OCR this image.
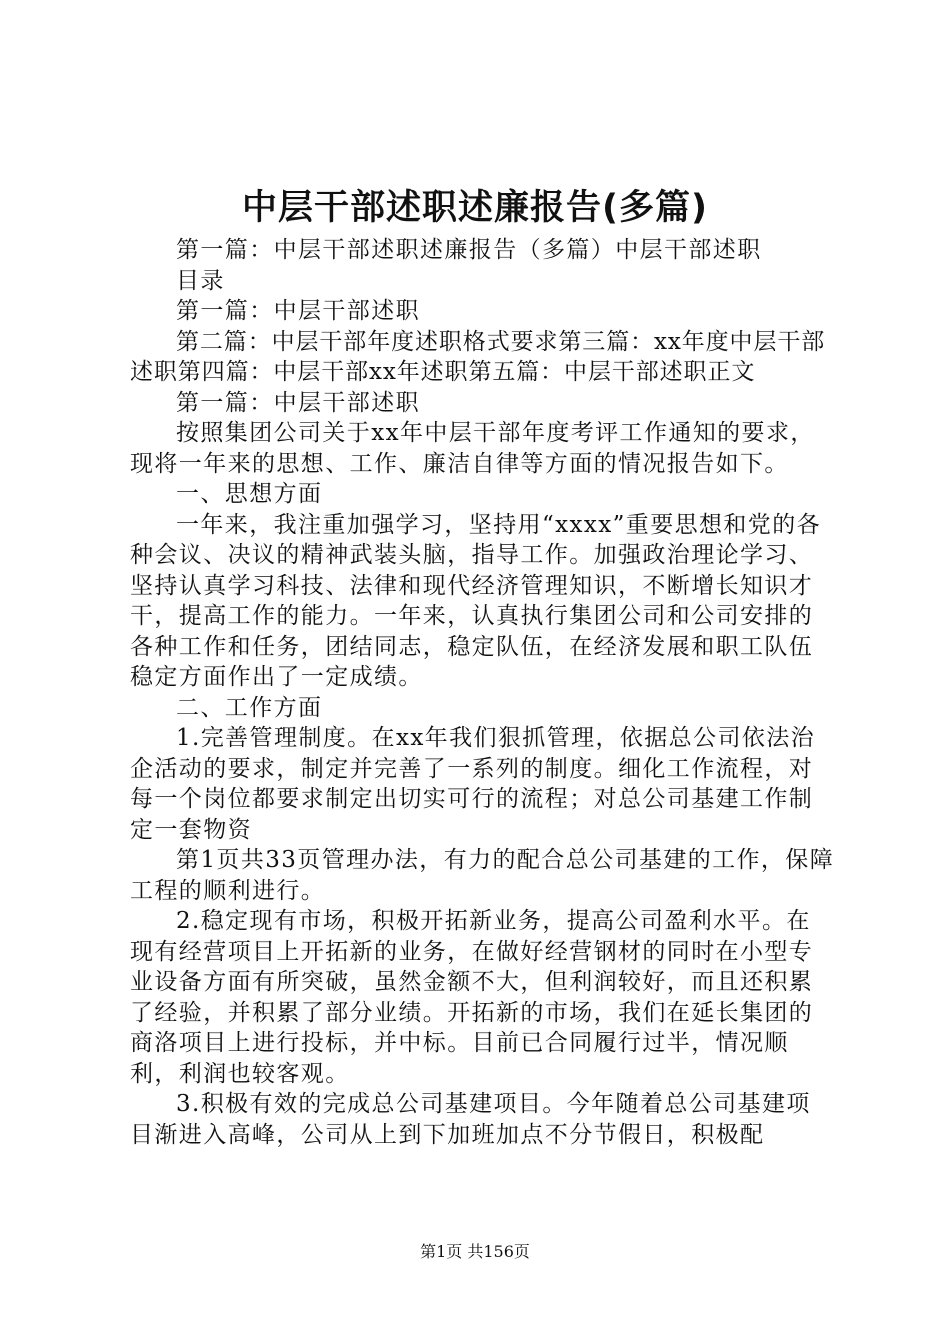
中层干部述职述廉报告(多篇)

第一篇：中层干部述职述廉报告（多篇）中层干部述职

目录

第一篇：中层干部述职

第二篇：中层干部年度述职格式要求第三篇：xx年度中层干部述职第四篇：中层干部xx年述职第五篇：中层干部述职正文

第一篇：中层干部述职

按照集团公司关于xx年中层干部年度考评工作通知的要求，现将一年来的思想、工作、廉洁自律等方面的情况报告如下。

一、思想方面

一年来，我注重加强学习，坚持用“xxxx”重要思想和党的各种会议、决议的精神武装头脑，指导工作。加强政治理论学习、坚持认真学习科技、法律和现代经济管理知识，不断增长知识才干，提高工作的能力。一年来，认真执行集团公司和公司安排的各种工作和任务，团结同志，稳定队伍，在经济发展和职工队伍稳定方面作出了一定成绩。

二、工作方面

1.完善管理制度。在xx年我们狠抓管理，依据总公司依法治企活动的要求，制定并完善了一系列的制度。细化工作流程，对每一个岗位都要求制定出切实可行的流程；对总公司基建工作制定一套物资

第1页共33页管理办法，有力的配合总公司基建的工作，保障工程的顺利进行。

2.稳定现有市场，积极开拓新业务，提高公司盈利水平。在现有经营项目上开拓新的业务，在做好经营钢材的同时在小型专业设备方面有所突破，虽然金额不大，但利润较好，而且还积累了经验，并积累了部分业绩。开拓新的市场，我们在延长集团的商洛项目上进行投标，并中标。目前已合同履行过半，情况顺利，利润也较客观。

3.积极有效的完成总公司基建项目。今年随着总公司基建项目渐进入高峰，公司从上到下加班加点不分节假日，积极配

第1页 共156页
